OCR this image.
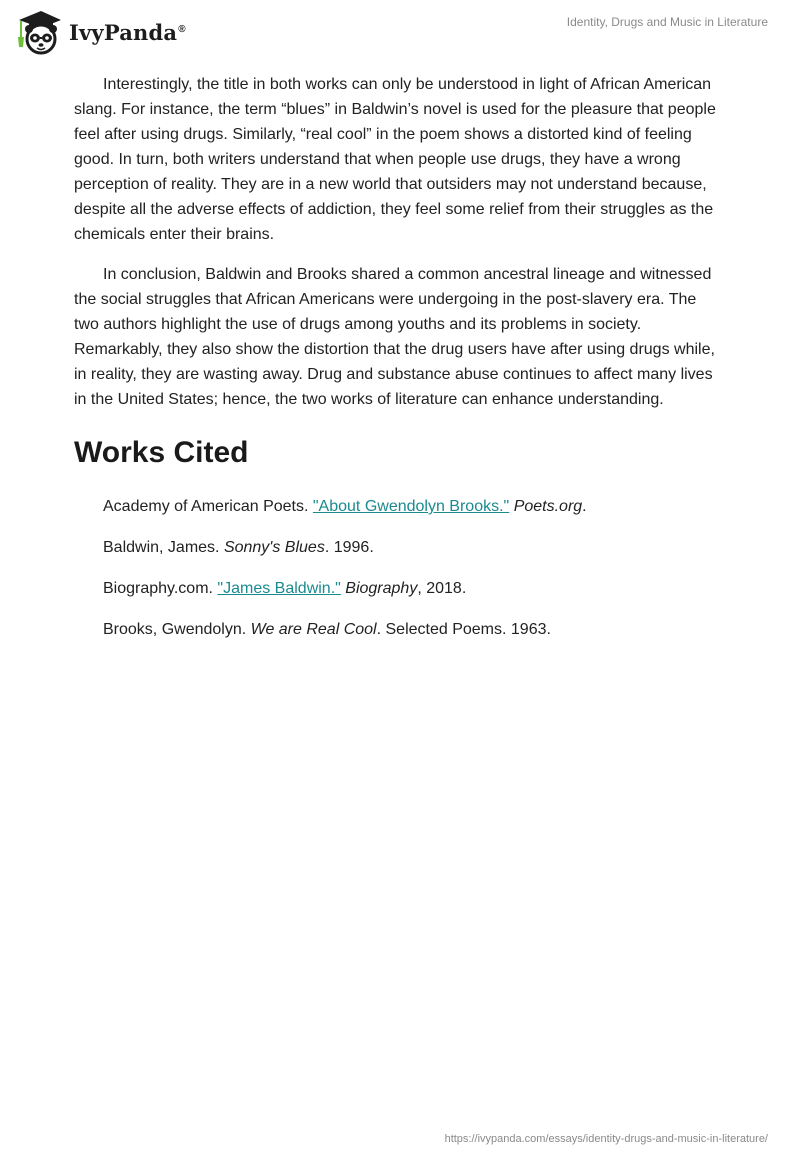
IvyPanda®	Identity, Drugs and Music in Literature

Interestingly, the title in both works can only be understood in light of African American slang. For instance, the term “blues” in Baldwin’s novel is used for the pleasure that people feel after using drugs. Similarly, “real cool” in the poem shows a distorted kind of feeling good. In turn, both writers understand that when people use drugs, they have a wrong perception of reality. They are in a new world that outsiders may not understand because, despite all the adverse effects of addiction, they feel some relief from their struggles as the chemicals enter their brains.

In conclusion, Baldwin and Brooks shared a common ancestral lineage and witnessed the social struggles that African Americans were undergoing in the post-slavery era. The two authors highlight the use of drugs among youths and its problems in society. Remarkably, they also show the distortion that the drug users have after using drugs while, in reality, they are wasting away. Drug and substance abuse continues to affect many lives in the United States; hence, the two works of literature can enhance understanding.

Works Cited
Academy of American Poets. "About Gwendolyn Brooks." Poets.org.
Baldwin, James. Sonny's Blues. 1996.
Biography.com. "James Baldwin." Biography, 2018.
Brooks, Gwendolyn. We are Real Cool. Selected Poems. 1963.
https://ivypanda.com/essays/identity-drugs-and-music-in-literature/
